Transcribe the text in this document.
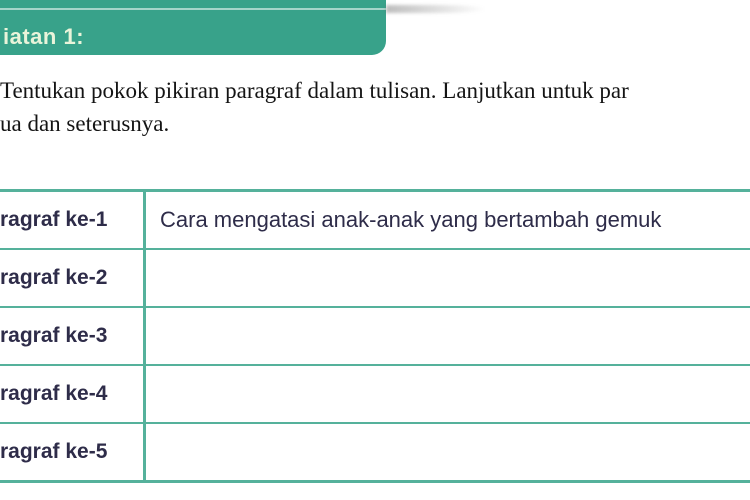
iatan 1:
Tentukan pokok pikiran paragraf dalam tulisan. Lanjutkan untuk par
ua dan seterusnya.
ragraf ke-1	Cara mengatasi anak-anak yang bertambah gemuk
ragraf ke-2
ragraf ke-3
ragraf ke-4
ragraf ke-5
